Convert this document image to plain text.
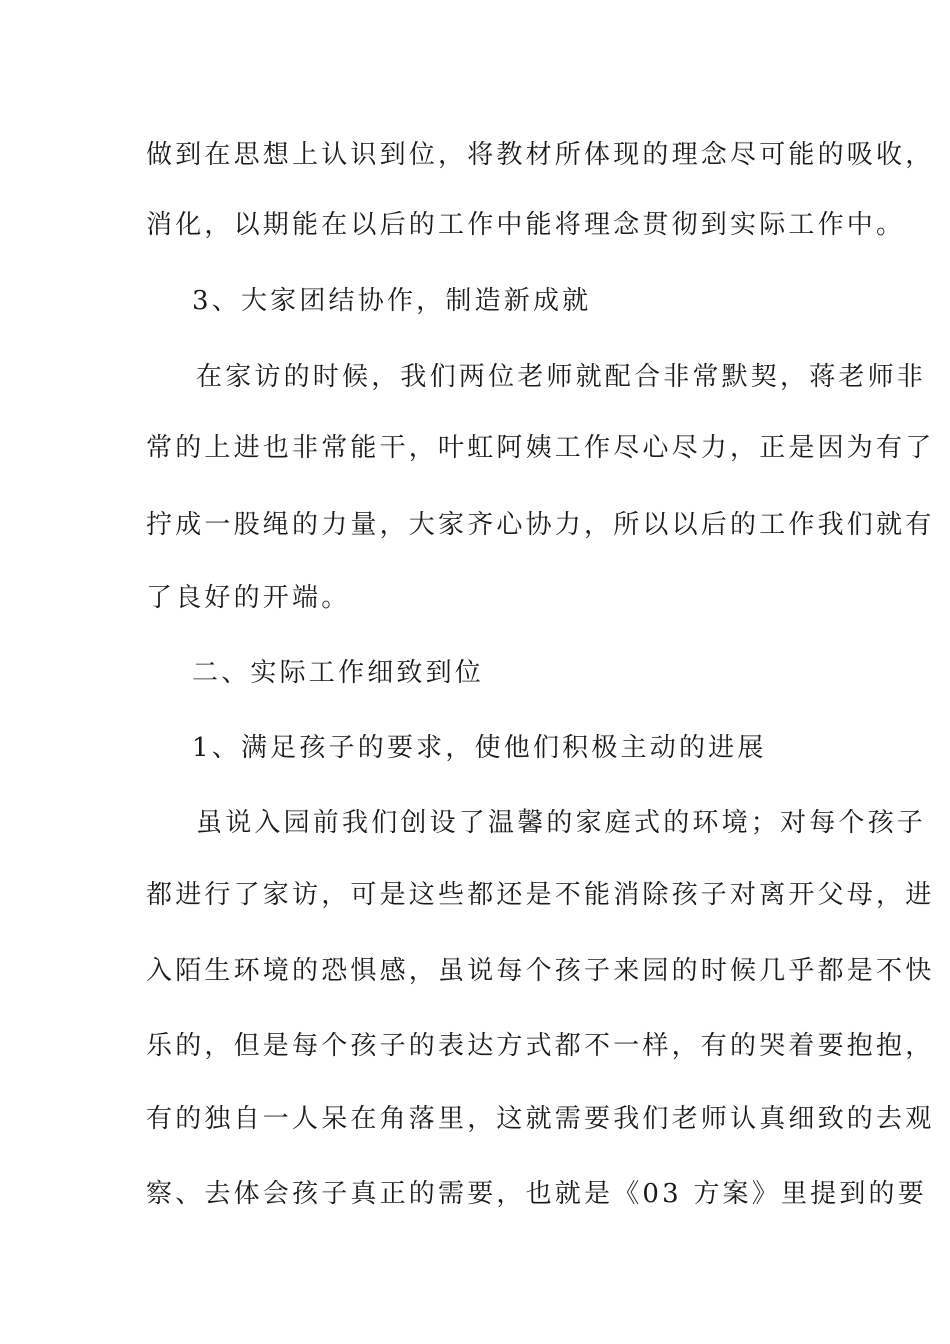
做到在思想上认识到位，将教材所体现的理念尽可能的吸收，
消化，以期能在以后的工作中能将理念贯彻到实际工作中。
3、大家团结协作，制造新成就
在家访的时候，我们两位老师就配合非常默契，蒋老师非
常的上进也非常能干，叶虹阿姨工作尽心尽力，正是因为有了
拧成一股绳的力量，大家齐心协力，所以以后的工作我们就有
了良好的开端。
二、实际工作细致到位
1、满足孩子的要求，使他们积极主动的进展
虽说入园前我们创设了温馨的家庭式的环境；对每个孩子
都进行了家访，可是这些都还是不能消除孩子对离开父母，进
入陌生环境的恐惧感，虽说每个孩子来园的时候几乎都是不快
乐的，但是每个孩子的表达方式都不一样，有的哭着要抱抱，
有的独自一人呆在角落里，这就需要我们老师认真细致的去观
察、去体会孩子真正的需要，也就是《03 方案》里提到的要
